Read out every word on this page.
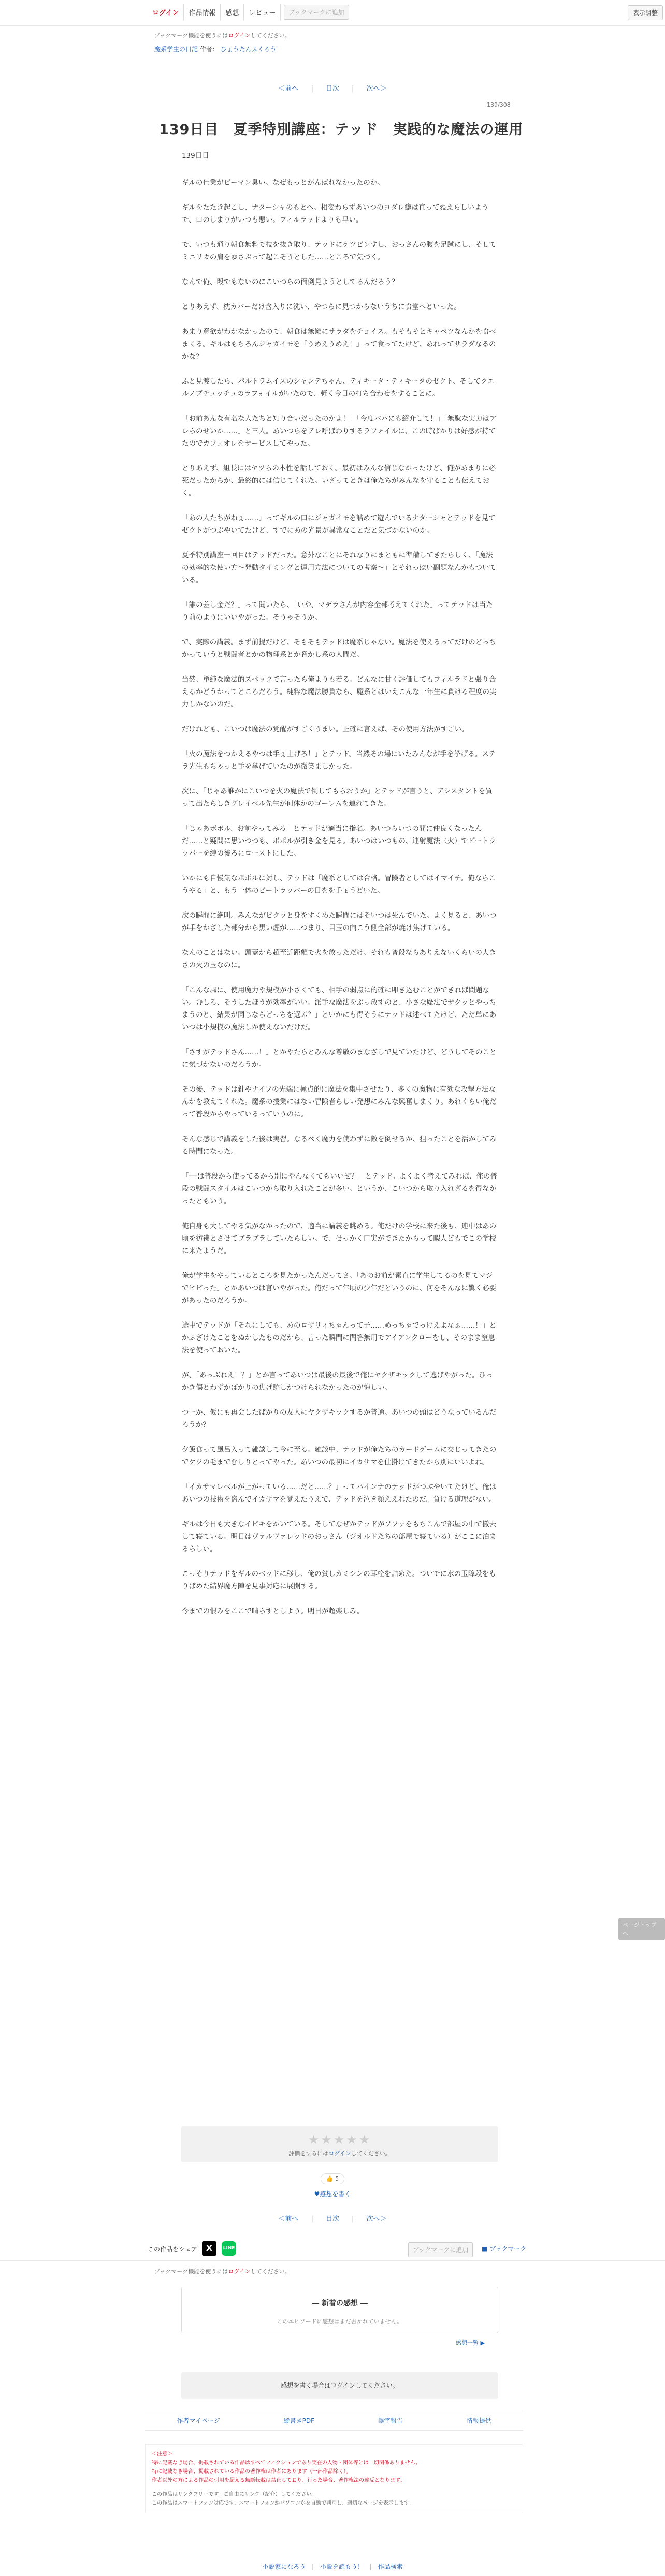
ログイン	作品情報	感想	レビュー	ブックマークに追加	表示調整
ブックマーク機能を使うにはログインしてください。
魔系学生の日記 作者： ひょうたんふくろう
＜前へ | 目次 | 次へ＞
139/308
139日目　夏季特別講座：テッド　実践的な魔法の運用

139日目

ギルの仕業がピーマン臭い。なぜもっとがんばれなかったのか。

ギルをたたき起こし、ナターシャのもとへ。相変わらずあいつのヨダレ癖は直ってねえらしいようで、口のしまりがいつも悪い。フィルラッドよりも早い。

で、いつも通り朝食無料で枝を抜き取り、テッドにケツピンすし、おっさんの腹を足蹴にし、そしてミニリカの肩をゆさぶって起こそうとした……ところで気づく。

なんで俺、殴でもないのにこいつらの面倒見ようとしてるんだろう？

とりあえず、枕カバーだけ含入りに洗い、やつらに見つからないうちに食堂へといった。

あまり意欲がわかなかったので、朝食は無難にサラダをチョイス。もそもそとキャベツなんかを食べまくる。ギルはもちろんジャガイモを「うめえうめえ！」って食ってたけど、あれってサラダなるのかな？

ふと見渡したら、パルトラムイスのシャンテちゃん、ティキータ・ティキータのゼクト、そしてクエルノブチュッチュのラフォイルがいたので、軽く今日の打ち合わせをすることに。

「お前あんな有名な人たちと知り合いだったのかよ！」「今度パパにも紹介して！」「無駄な実力はアレらのせいか……」と三人。あいつらをアレ呼ばわりするラフォイルに、この時ばかりは好感が持てたのでカフェオレをサービスしてやった。

とりあえず、組長にはヤツらの本性を話しておく。最初はみんな信じなかったけど、俺があまりに必死だったからか、最終的には信じてくれた。いざってときは俺たちがみんなを守ることも伝えておく。

「あの人たちがねぇ……」ってギルの口にジャガイモを詰めて遊んでいるナターシャとテッドを見てゼクトがつぶやいてたけど、すでにあの光景が異常なことだと気づかないのか。

夏季特別講座一回目はテッドだった。意外なことにそれなりにまともに準備してきたらしく、「魔法の効率的な使い方〜発動タイミングと運用方法についての考察〜」とそれっぽい副題なんかもついている。

「誰の差し金だ？」って聞いたら、「いや、マデラさんが内容全部考えてくれた」ってテッドは当たり前のようにいいやがった。そうゃそうか。

で、実際の講義。まず前提だけど、そもそもテッドは魔系じゃない。魔法を使えるってだけのどっちかっていうと戦闘者とかの物理系とか脅かし系の人間だ。

当然、単純な魔法的スペックで言ったら俺よりも若る。どんなに甘く評価してもフィルラドと張り合えるかどうかってところだろう。純粋な魔法勝負なら、魔系とはいえこんな一年生に負ける程度の実力しかないのだ。

だけれども、こいつは魔法の覚醒がすごくうまい。正確に言えば、その使用方法がすごい。

「火の魔法をつかえるやつは手ぇ上げろ！」とテッド。当然その場にいたみんなが手を挙げる。ステラ先生もちゃっと手を挙げていたのが微笑ましかった。

次に、「じゃあ誰かにこいつを火の魔法で倒してもらおうか」とテッドが言うと、アシスタントを買って出たらしきグレイベル先生が何体かのゴーレムを連れてきた。

「じゃあボポル、お前やってみろ」とテッドが適当に指名。あいつらいつの間に仲良くなったんだ……と疑問に思いつつも、ボポルが引き金を見る。あいつはいつもの、連射魔法（火）でピートラッパーを縛の後ろにローストにした。

いかにも自慢気なボポルに対し、テッドは「魔系としては合格。冒険者としてはイマイチ。俺ならこうやる」と、もう一体のピートラッパーの目をを手ょうどいた。

次の瞬間に絶叫。みんながビクッと身をすくめた瞬間にはそいつは死んでいた。よく見ると、あいつが手をかざした部分から黒い煙が……つまり、目玉の向こう側全部が焼け焦げている。

なんのことはない。頭蓋から超至近距離で火を放っただけ。それも普段ならありえないくらいの大きさの火の玉なのに。

「こんな風に、使用魔力や規模が小さくても、相手の弱点に的確に叩き込むことができれば問題ない。むしろ、そうしたほうが効率がいい。派手な魔法をぶっ放すのと、小さな魔法でサクッとやっちまうのと、結果が同じならどっちを選ぶ？」といかにも得そうにテッドは述べてたけど、ただ単にあいつは小規模の魔法しか使えないだけだ。

「さすがテッドさん……！」とかやたらとみんな尊敬のまなざしで見ていたけど、どうしてそのことに気づかないのだろうか。

その後、テッドは針やナイフの先端に極点的に魔法を集中させたり、多くの魔物に有効な攻撃方法なんかを教えてくれた。魔系の授業にはない冒険者らしい発想にみんな興奮しまくり。あれくらい俺だって普段からやっているっていうのに。

そんな感じで講義をした後は実習。なるべく魔力を使わずに敵を倒せるか、狙ったことを活かしてみる時間になった。

「──は普段から使ってるから別にやんなくてもいいぜ？」とテッド。よくよく考えてみれば、俺の普段の戦闘スタイルはこいつから取り入れたことが多い。というか、こいつから取り入れざるを得なかったともいう。

俺自身も大してやる気がなかったので、適当に講義を眺める。俺だけの学校に来た後も、連中はあの頃を彷彿とさせてブラブラしていたらしい。で、せっかく口実ができたからって暇人どもでこの学校に来たようだ。

俺が学生をやっているところを見たかったんだってさ。「あのお前が素直に学生してるのを見てマジでビビった」とかあいつは言いやがった。俺だって年頃の少年だというのに、何をそんなに驚く必要があったのだろうか。

途中でテッドが「それにしても、あのロザリィちゃんって子……めっちゃでっけえよなぁ……！」とかふざけたことをぬかしたものだから、言った瞬間に問答無用でアイアンクローをし、そのまま窒息法を使っておいた。

が、「あっぶねえ！？」とか言ってあいつは最後の最後で俺にヤクザキックして逃げやがった。ひっかき傷とわずかばかりの焦げ跡しかつけられなかったのが悔しい。

つーか、仮にも再会したばかりの友人にヤクザキックするか普通。あいつの頭はどうなっているんだろうか？

夕飯食って風呂入って雑談して今に至る。雑談中、テッドが俺たちのカードゲームに交じってきたのでケツの毛までむしりとってやった。あいつの最初にイカサマを仕掛けてきたから別にいいよね。

「イカサマレベルが上がっている……だと……？」ってパインナのテッドがつぶやいてたけど、俺はあいつの技術を盗んでイカサマを覚えたうえで、テッドを泣き顔ええれたのだ。負ける道理がない。

ギルは今日も大きなイビキをかいている。そしてなぜかテッドがソファをもちこんで部屋の中で撤去して寝ている。明日はヴァルヴァレッドのおっさん（ジオルドたちの部屋で寝ている）がここに泊まるらしい。

こっそりテッドをギルのベッドに移し、俺の貧しカミシンの耳栓を詰めた。ついでに水の玉障段をもりばめた結界魔方陣を見事対応に展開する。

今までの恨みをここで晴らすとしよう。明日が超楽しみ。

★★★★★
評価をするにはログインしてください。
👍 5
♥感想を書く
＜前へ | 目次 | 次へ＞
この作品をシェア	X	LINE	ブックマークに追加	■ ブックマーク
ブックマーク機能を使うにはログインしてください。
― 新着の感想 ―
このエピソードに感想はまだ書かれていません。
感想一覧 ▶
感想を書く場合はログインしてください。
作者マイページ	縦書きPDF	誤字報告	情報提供
＜注意＞
特に記載なき場合、掲載されている作品はすべてフィクションであり実在の人物・団体等とは一切関係ありません。
特に記載なき場合、掲載されている作品の著作権は作者にあります（一部作品除く）。
作者以外の方による作品の引用を超える無断転載は禁止しており、行った場合、著作権法の違反となります。
この作品はリンクフリーです。ご自由にリンク（紹介）してください。
この作品はスマートフォン対応です。スマートフォンかパソコンかを自動で判別し、適切なページを表示します。
小説家になろう | 小説を読もう！ | 作品検索
ページトップへ
